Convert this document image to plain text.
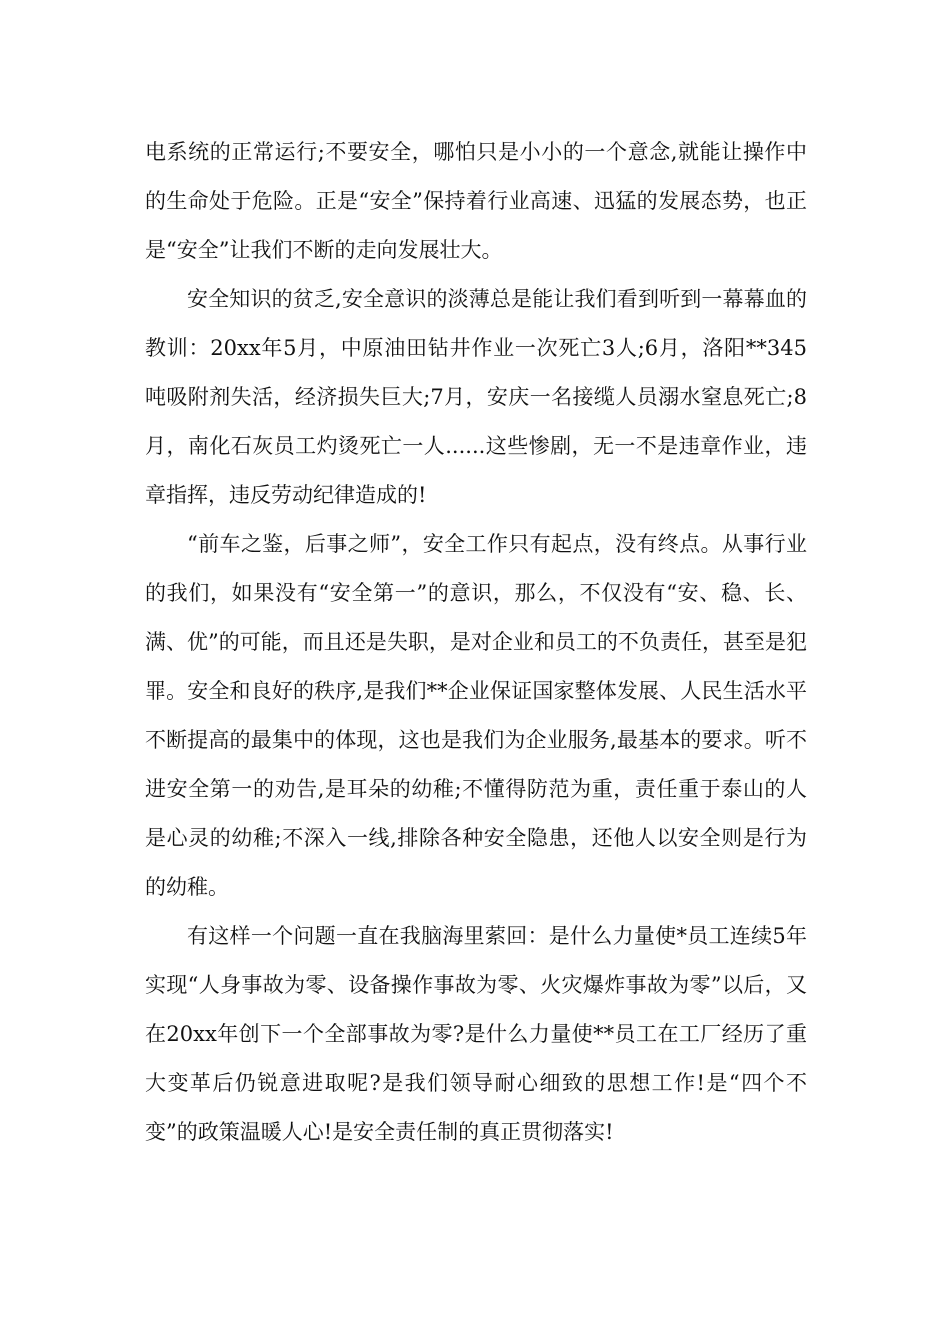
电系统的正常运行;不要安全，哪怕只是小小的一个意念,就能让操作中的生命处于危险。正是“安全”保持着行业高速、迅猛的发展态势，也正是“安全”让我们不断的走向发展壮大。

安全知识的贫乏,安全意识的淡薄总是能让我们看到听到一幕幕血的教训：20xx年5月，中原油田钻井作业一次死亡3人;6月，洛阳**345吨吸附剂失活，经济损失巨大;7月，安庆一名接缆人员溺水窒息死亡;8月，南化石灰员工灼烫死亡一人......这些惨剧，无一不是违章作业，违章指挥，违反劳动纪律造成的!

“前车之鉴，后事之师”，安全工作只有起点，没有终点。从事行业的我们，如果没有“安全第一”的意识，那么，不仅没有“安、稳、长、满、优”的可能，而且还是失职，是对企业和员工的不负责任，甚至是犯罪。安全和良好的秩序,是我们**企业保证国家整体发展、人民生活水平不断提高的最集中的体现，这也是我们为企业服务,最基本的要求。听不进安全第一的劝告,是耳朵的幼稚;不懂得防范为重，责任重于泰山的人是心灵的幼稚;不深入一线,排除各种安全隐患，还他人以安全则是行为的幼稚。

有这样一个问题一直在我脑海里萦回：是什么力量使*员工连续5年实现“人身事故为零、设备操作事故为零、火灾爆炸事故为零”以后，又在20xx年创下一个全部事故为零?是什么力量使**员工在工厂经历了重大变革后仍锐意进取呢?是我们领导耐心细致的思想工作!是“四个不变”的政策温暖人心!是安全责任制的真正贯彻落实!
